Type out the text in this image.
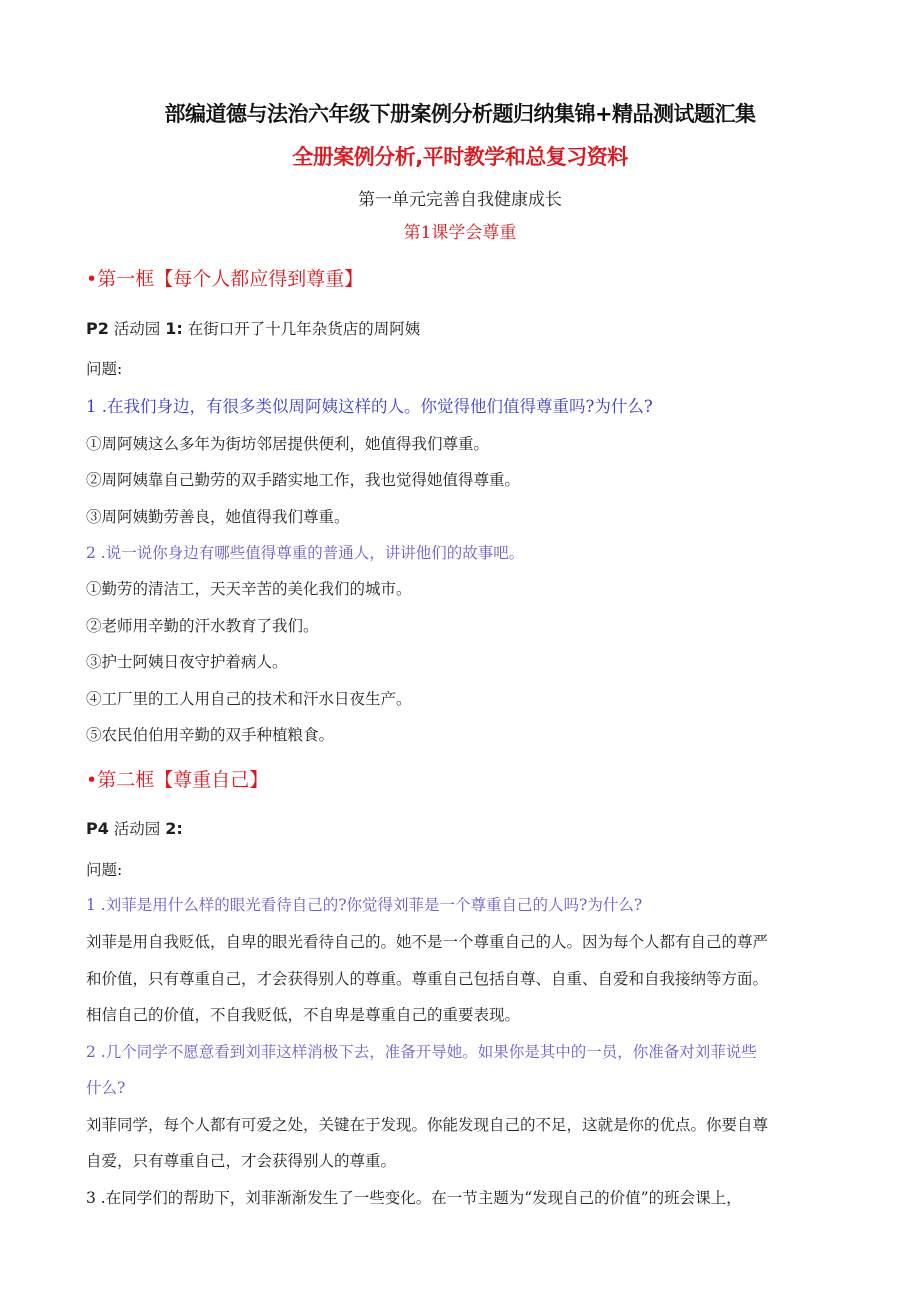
部编道德与法治六年级下册案例分析题归纳集锦+精品测试题汇集
全册案例分析,平时教学和总复习资料
第一单元完善自我健康成长
第1课学会尊重
•第一框【每个人都应得到尊重】
P2 活动园 1: 在街口开了十几年杂货店的周阿姨
问题:
1 .在我们身边，有很多类似周阿姨这样的人。你觉得他们值得尊重吗?为什么?
①周阿姨这么多年为街坊邻居提供便利，她值得我们尊重。
②周阿姨靠自己勤劳的双手踏实地工作，我也觉得她值得尊重。
③周阿姨勤劳善良，她值得我们尊重。
2 .说一说你身边有哪些值得尊重的普通人，讲讲他们的故事吧。
①勤劳的清洁工，天天辛苦的美化我们的城市。
②老师用辛勤的汗水教育了我们。
③护士阿姨日夜守护着病人。
④工厂里的工人用自己的技术和汗水日夜生产。
⑤农民伯伯用辛勤的双手种植粮食。
•第二框【尊重自己】
P4 活动园 2:
问题:
1 .刘菲是用什么样的眼光看待自己的?你觉得刘菲是一个尊重自己的人吗?为什么?
刘菲是用自我贬低，自卑的眼光看待自己的。她不是一个尊重自己的人。因为每个人都有自己的尊严
和价值，只有尊重自己，才会获得别人的尊重。尊重自己包括自尊、自重、自爱和自我接纳等方面。
相信自己的价值，不自我贬低，不自卑是尊重自己的重要表现。
2 .几个同学不愿意看到刘菲这样消极下去，准备开导她。如果你是其中的一员，你准备对刘菲说些
什么?
刘菲同学，每个人都有可爱之处，关键在于发现。你能发现自己的不足，这就是你的优点。你要自尊
自爱，只有尊重自己，才会获得别人的尊重。
3 .在同学们的帮助下，刘菲渐渐发生了一些变化。在一节主题为“发现自己的价值”的班会课上，
